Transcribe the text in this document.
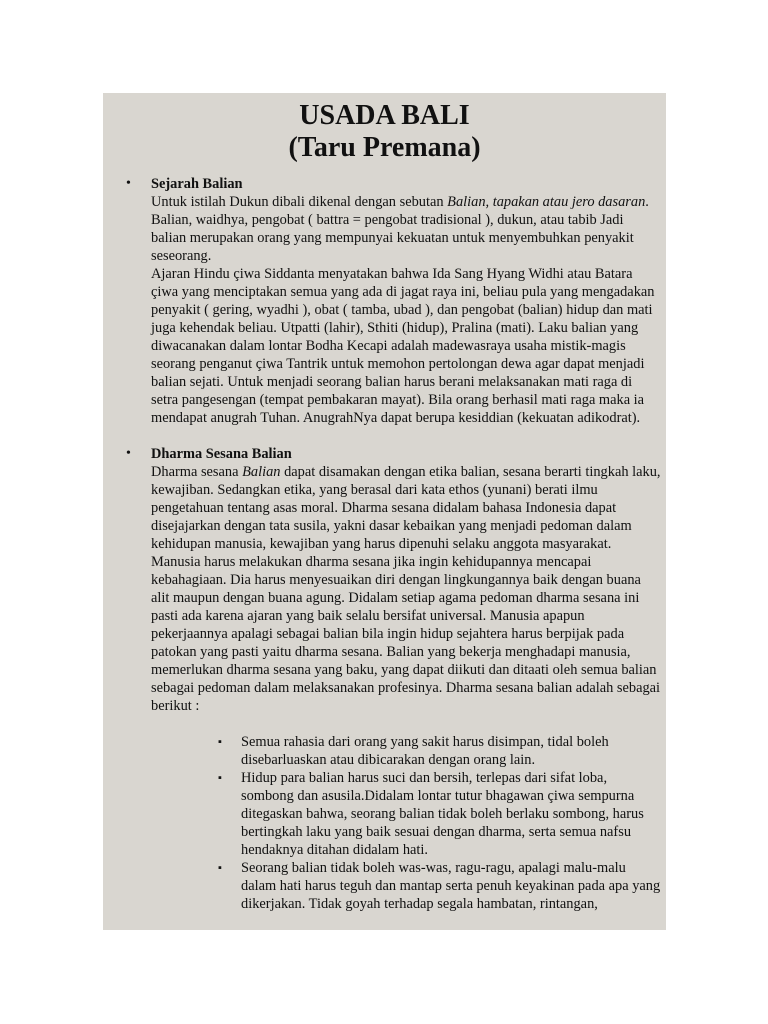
USADA BALI
(Taru Premana)
• Sejarah Balian

Untuk istilah Dukun dibali dikenal dengan sebutan Balian, tapakan atau jero dasaran. Balian, waidhya, pengobat ( battra = pengobat tradisional ), dukun, atau tabib Jadi balian merupakan orang yang mempunyai kekuatan untuk menyembuhkan penyakit seseorang.

Ajaran Hindu çiwa Siddanta menyatakan bahwa Ida Sang Hyang Widhi atau Batara çiwa yang menciptakan semua yang ada di jagat raya ini, beliau pula yang mengadakan penyakit ( gering, wyadhi ), obat ( tamba, ubad ), dan pengobat (balian) hidup dan mati juga kehendak beliau. Utpatti (lahir), Sthiti (hidup), Pralina (mati). Laku balian yang diwacanakan dalam lontar Bodha Kecapi adalah madewasraya usaha mistik-magis seorang penganut çiwa Tantrik untuk memohon pertolongan dewa agar dapat menjadi balian sejati. Untuk menjadi seorang balian harus berani melaksanakan mati raga di setra pangesengan (tempat pembakaran mayat). Bila orang berhasil mati raga maka ia mendapat anugrah Tuhan. AnugrahNya dapat berupa kesiddian (kekuatan adikodrat).

• Dharma Sesana Balian

Dharma sesana Balian dapat disamakan dengan etika balian, sesana berarti tingkah laku, kewajiban. Sedangkan etika, yang berasal dari kata ethos (yunani) berati ilmu pengetahuan tentang asas moral. Dharma sesana didalam bahasa Indonesia dapat disejajarkan dengan tata susila, yakni dasar kebaikan yang menjadi pedoman dalam kehidupan manusia, kewajiban yang harus dipenuhi selaku anggota masyarakat. Manusia harus melakukan dharma sesana jika ingin kehidupannya mencapai kebahagiaan. Dia harus menyesuaikan diri dengan lingkungannya baik dengan buana alit maupun dengan buana agung. Didalam setiap agama pedoman dharma sesana ini pasti ada karena ajaran yang baik selalu bersifat universal. Manusia apapun pekerjaannya apalagi sebagai balian bila ingin hidup sejahtera harus berpijak pada patokan yang pasti yaitu dharma sesana. Balian yang bekerja menghadapi manusia, memerlukan dharma sesana yang baku, yang dapat diikuti dan ditaati oleh semua balian sebagai pedoman dalam melaksanakan profesinya. Dharma sesana balian adalah sebagai berikut :

▪ Semua rahasia dari orang yang sakit harus disimpan, tidal boleh disebarluaskan atau dibicarakan dengan orang lain.
▪ Hidup para balian harus suci dan bersih, terlepas dari sifat loba, sombong dan asusila.Didalam lontar tutur bhagawan çiwa sempurna ditegaskan bahwa, seorang balian tidak boleh berlaku sombong, harus bertingkah laku yang baik sesuai dengan dharma, serta semua nafsu hendaknya ditahan didalam hati.
▪ Seorang balian tidak boleh was-was, ragu-ragu, apalagi malu-malu dalam hati harus teguh dan mantap serta penuh keyakinan pada apa yang dikerjakan. Tidak goyah terhadap segala hambatan, rintangan,
